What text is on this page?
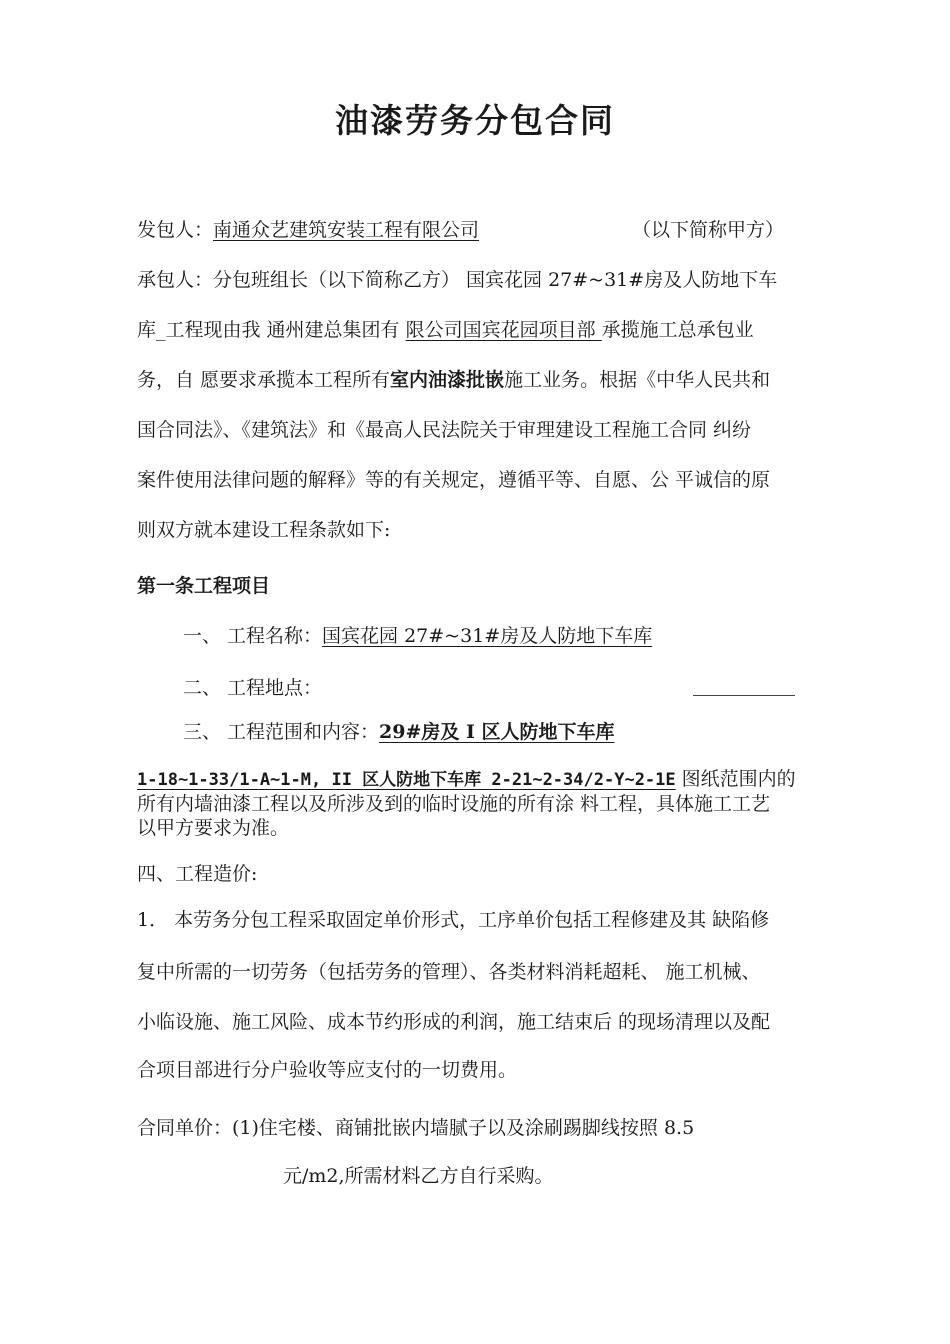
油漆劳务分包合同
发包人：南通众艺建筑安装工程有限公司	（以下简称甲方）
承包人：分包班组长（以下简称乙方） 国宾花园 27#~31#房及人防地下车
库_工程现由我 通州建总集团有 限公司国宾花园项目部 承揽施工总承包业
务，自 愿要求承揽本工程所有室内油漆批嵌施工业务。根据《中华人民共和
国合同法》、《建筑法》和《最高人民法院关于审理建设工程施工合同 纠纷
案件使用法律问题的解释》等的有关规定，遵循平等、自愿、公 平诚信的原
则双方就本建设工程条款如下:
第一条工程项目
一、 工程名称：国宾花园 27#~31#房及人防地下车库
二、 工程地点：
三、 工程范围和内容：29#房及 I 区人防地下车库
1-18~1-33/1-A~1-M, II 区人防地下车库 2-21~2-34/2-Y~2-1E 图纸范围内的
所有内墙油漆工程以及所涉及到的临时设施的所有涂 料工程，具体施工工艺
以甲方要求为准。
四、工程造价:
1． 本劳务分包工程采取固定单价形式，工序单价包括工程修建及其 缺陷修
复中所需的一切劳务（包括劳务的管理）、各类材料消耗超耗、 施工机械、
小临设施、施工风险、成本节约形成的利润，施工结束后 的现场清理以及配
合项目部进行分户验收等应支付的一切费用。
合同单价：(1)住宅楼、商铺批嵌内墙腻子以及涂刷踢脚线按照 8.5
元/m2,所需材料乙方自行采购。
